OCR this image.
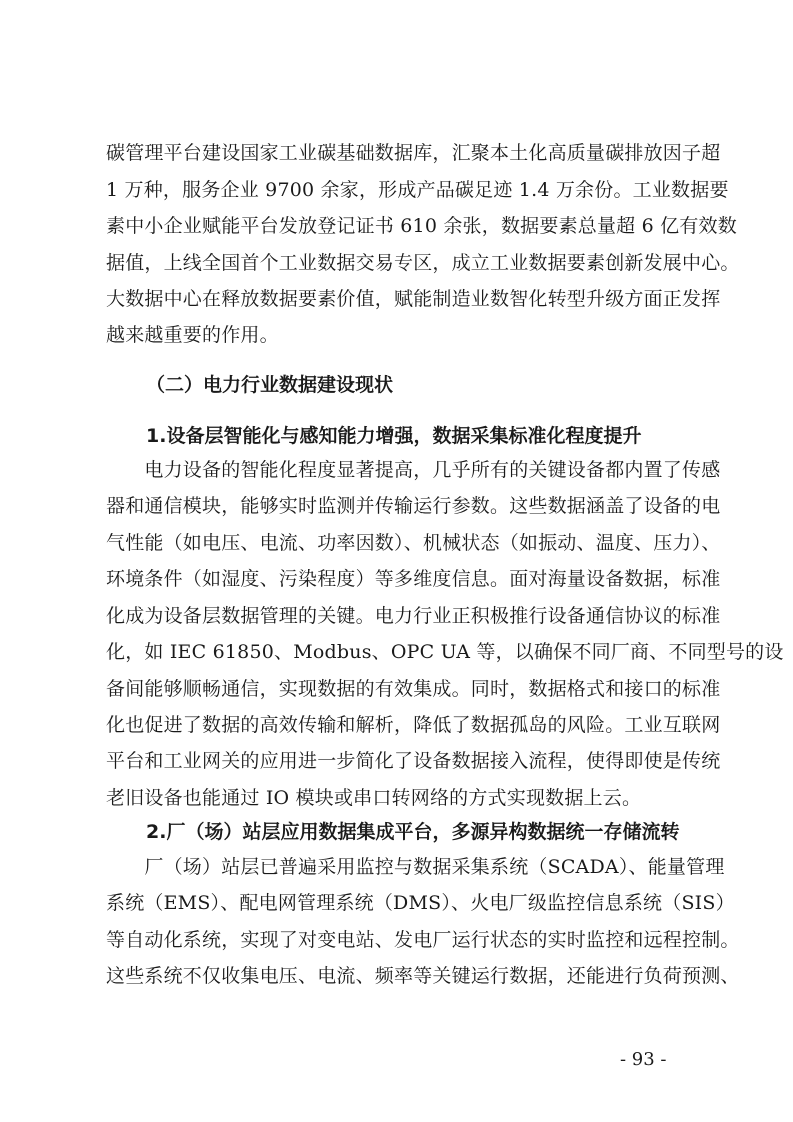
碳管理平台建设国家工业碳基础数据库，汇聚本土化高质量碳排放因子超
1 万种，服务企业 9700 余家，形成产品碳足迹 1.4 万余份。工业数据要
素中小企业赋能平台发放登记证书 610 余张，数据要素总量超 6 亿有效数
据值，上线全国首个工业数据交易专区，成立工业数据要素创新发展中心。
大数据中心在释放数据要素价值，赋能制造业数智化转型升级方面正发挥
越来越重要的作用。
（二）电力行业数据建设现状
1.设备层智能化与感知能力增强，数据采集标准化程度提升
　　电力设备的智能化程度显著提高，几乎所有的关键设备都内置了传感
器和通信模块，能够实时监测并传输运行参数。这些数据涵盖了设备的电
气性能（如电压、电流、功率因数）、机械状态（如振动、温度、压力）、
环境条件（如湿度、污染程度）等多维度信息。面对海量设备数据，标准
化成为设备层数据管理的关键。电力行业正积极推行设备通信协议的标准
化，如 IEC 61850、Modbus、OPC UA 等，以确保不同厂商、不同型号的设
备间能够顺畅通信，实现数据的有效集成。同时，数据格式和接口的标准
化也促进了数据的高效传输和解析，降低了数据孤岛的风险。工业互联网
平台和工业网关的应用进一步简化了设备数据接入流程，使得即使是传统
老旧设备也能通过 IO 模块或串口转网络的方式实现数据上云。
2.厂（场）站层应用数据集成平台，多源异构数据统一存储流转
　　厂（场）站层已普遍采用监控与数据采集系统（SCADA）、能量管理
系统（EMS）、配电网管理系统（DMS）、火电厂级监控信息系统（SIS）
等自动化系统，实现了对变电站、发电厂运行状态的实时监控和远程控制。
这些系统不仅收集电压、电流、频率等关键运行数据，还能进行负荷预测、
- 93 -
